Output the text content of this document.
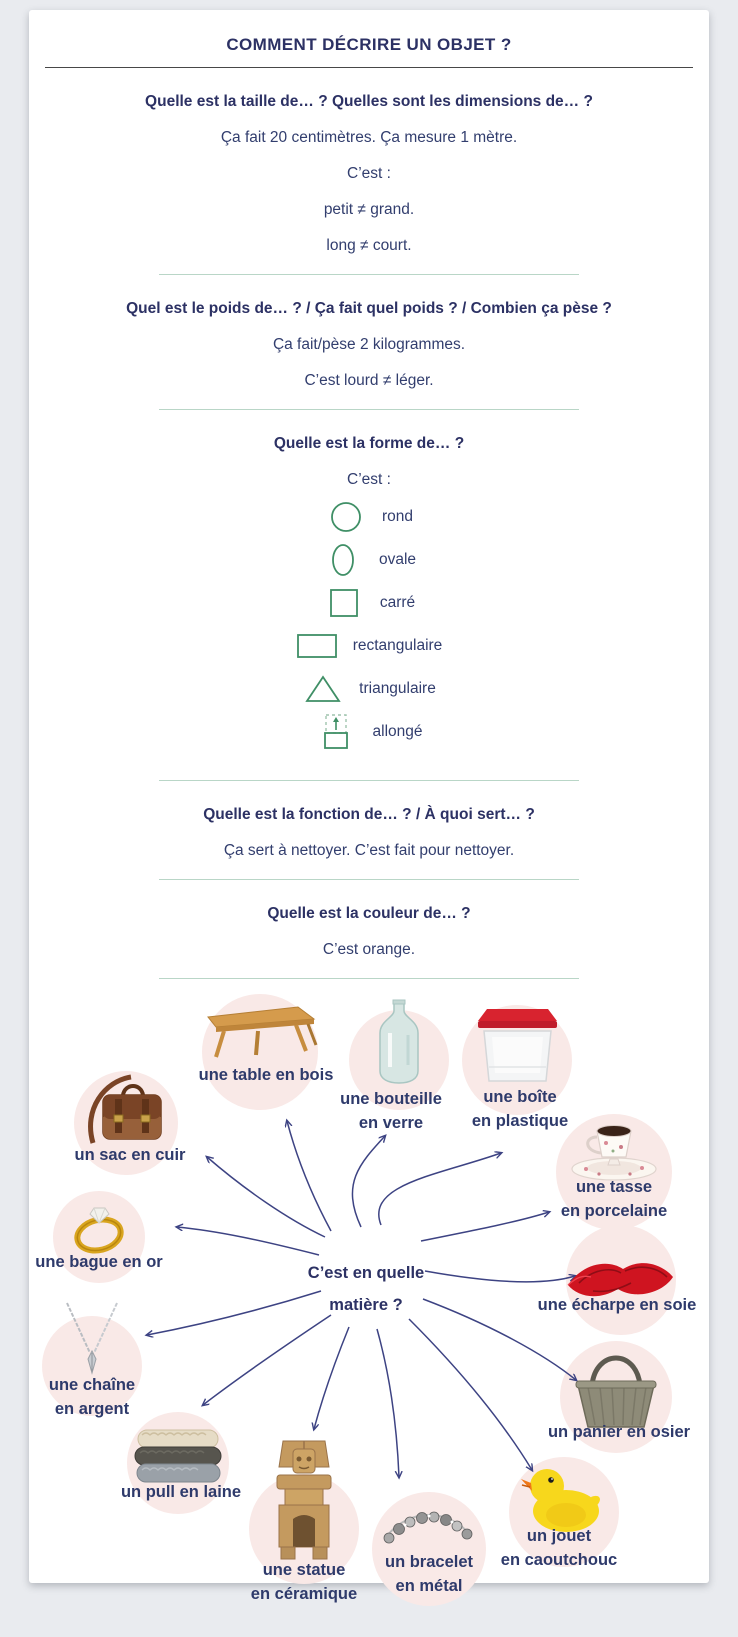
COMMENT DÉCRIRE UN OBJET ?

Quelle est la taille de… ? Quelles sont les dimensions de… ?

Ça fait 20 centimètres. Ça mesure 1 mètre.

C’est :

petit ≠ grand.

long ≠ court.

Quel est le poids de… ? / Ça fait quel poids ? / Combien ça pèse ?

Ça fait/pèse 2 kilogrammes.

C’est lourd ≠ léger.

Quelle est la forme de… ?

C’est :

rond
ovale
carré
rectangulaire
triangulaire
allongé

Quelle est la fonction de… ? / À quoi sert… ?

Ça sert à nettoyer. C’est fait pour nettoyer.

Quelle est la couleur de… ?

C’est orange.

une table en bois
une bouteille
en verre
une boîte
en plastique
une tasse
en porcelaine
une écharpe en soie
un panier en osier
un jouet
en caoutchouc
un bracelet
en métal
une statue
en céramique
un pull en laine
une chaîne
en argent
une bague en or
un sac en cuir
C’est en quelle
matière ?
